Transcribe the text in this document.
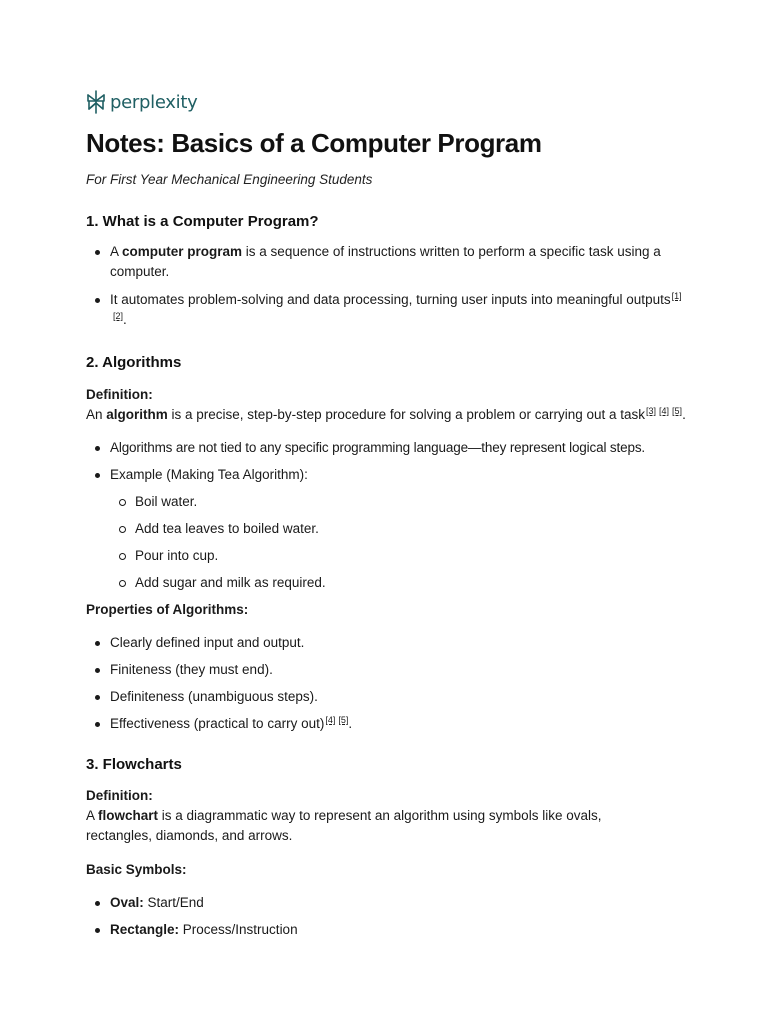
perplexity
Notes: Basics of a Computer Program

For First Year Mechanical Engineering Students

1. What is a Computer Program?
A computer program is a sequence of instructions written to perform a specific task using a computer.
It automates problem-solving and data processing, turning user inputs into meaningful outputs[1][2].
2. Algorithms
Definition:
An algorithm is a precise, step-by-step procedure for solving a problem or carrying out a task[3] [4] [5].
Algorithms are not tied to any specific programming language—they represent logical steps.
Example (Making Tea Algorithm):
Boil water.
Add tea leaves to boiled water.
Pour into cup.
Add sugar and milk as required.
Properties of Algorithms:
Clearly defined input and output.
Finiteness (they must end).
Definiteness (unambiguous steps).
Effectiveness (practical to carry out)[4] [5].
3. Flowcharts
Definition:
A flowchart is a diagrammatic way to represent an algorithm using symbols like ovals, rectangles, diamonds, and arrows.
Basic Symbols:
Oval: Start/End
Rectangle: Process/Instruction
